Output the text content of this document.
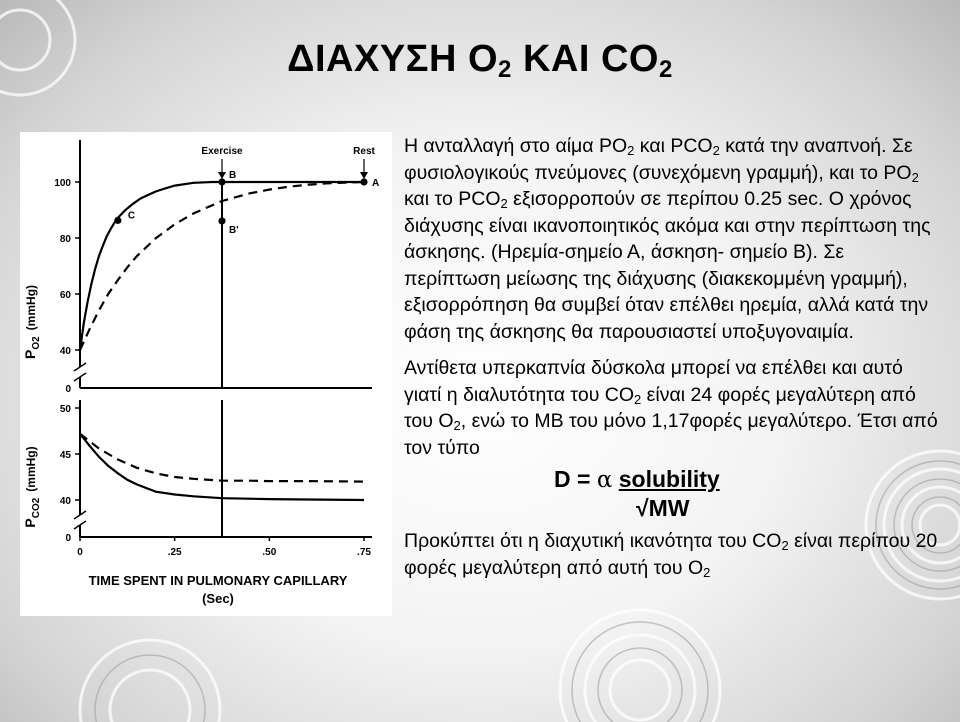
ΔΙΑΧΥΣΗ $O_2$ ΚΑΙ $CO_2$
$P_{O2}(mmHg)$
$P_{CO2}(mmHg)$
100
80
60
40
0
Exercise	Rest
C
B
B'
A
50
45
40
0
0	.25	.50	.75
TIME SPENT IN PULMONARY CAPILLARY
(Sec)

Η ανταλλαγή στο αίμα $PO_2$ και $PCO_2$ κατά την αναπνοή. Σε φυσιολογικούς πνεύμονες (συνεχόμενη γραμμή), και το $PO_2$ και το $PCO_2$ εξισορροπούν σε περίπου 0.25 sec. Ο χρόνος διάχυσης είναι ικανοποιητικός ακόμα και στην περίπτωση της άσκησης. (Ηρεμία-σημείο Α, άσκηση- σημείο Β). Σε περίπτωση μείωσης της διάχυσης (διακεκομμένη γραμμή), εξισορρόπηση θα συμβεί όταν επέλθει ηρεμία, αλλά κατά την φάση της άσκησης θα παρουσιαστεί υποξυγοναιμία.

Αντίθετα υπερκαπνία δύσκολα μπορεί να επέλθει και αυτό γιατί η διαλυτότητα του $CO_2$ είναι 24 φορές μεγαλύτερη από του $O_2$, ενώ το MB του μόνο 1,17φορές μεγαλύτερο. Έτσι από τον τύπο

D = α solubility

√MW

Προκύπτει ότι η διαχυτική ικανότητα του $CO_2$ είναι περίπου 20 φορές μεγαλύτερη από αυτή του $O_2$
